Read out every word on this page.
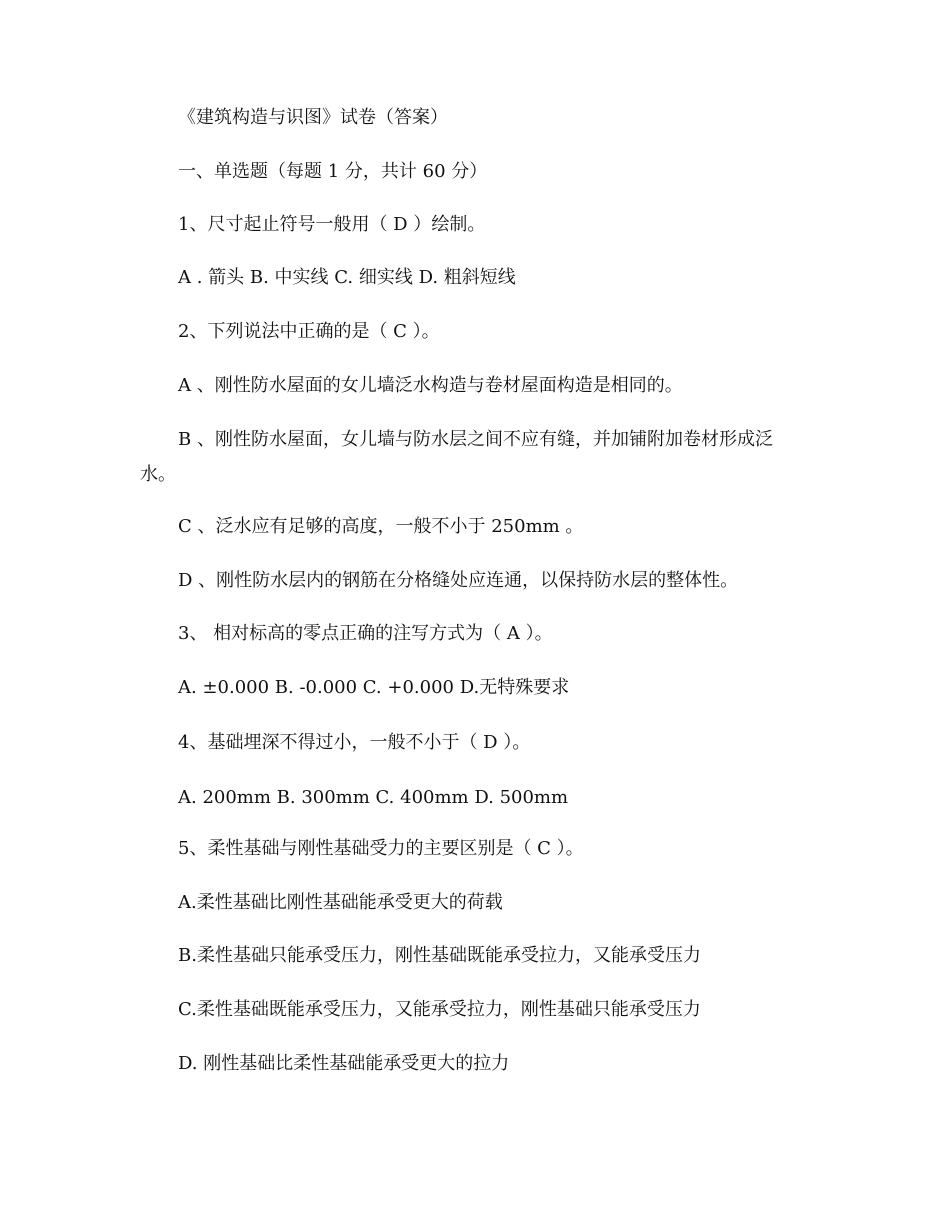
《建筑构造与识图》试卷（答案）
一、单选题（每题 1 分，共计 60 分）
1、尺寸起止符号一般用（ D ）绘制。
A . 箭头 B. 中实线 C. 细实线 D. 粗斜短线
2、下列说法中正确的是（ C ）。
A 、刚性防水屋面的女儿墙泛水构造与卷材屋面构造是相同的。
B 、刚性防水屋面，女儿墙与防水层之间不应有缝，并加铺附加卷材形成泛水。
C 、泛水应有足够的高度，一般不小于 250mm 。
D 、刚性防水层内的钢筋在分格缝处应连通，以保持防水层的整体性。
3、 相对标高的零点正确的注写方式为（ A ）。
A. ±0.000 B. -0.000 C. +0.000 D.无特殊要求
4、基础埋深不得过小，一般不小于（ D ）。
A. 200mm B. 300mm C. 400mm D. 500mm
5、柔性基础与刚性基础受力的主要区别是（ C ）。
A.柔性基础比刚性基础能承受更大的荷载
B.柔性基础只能承受压力，刚性基础既能承受拉力，又能承受压力
C.柔性基础既能承受压力，又能承受拉力，刚性基础只能承受压力
D. 刚性基础比柔性基础能承受更大的拉力
